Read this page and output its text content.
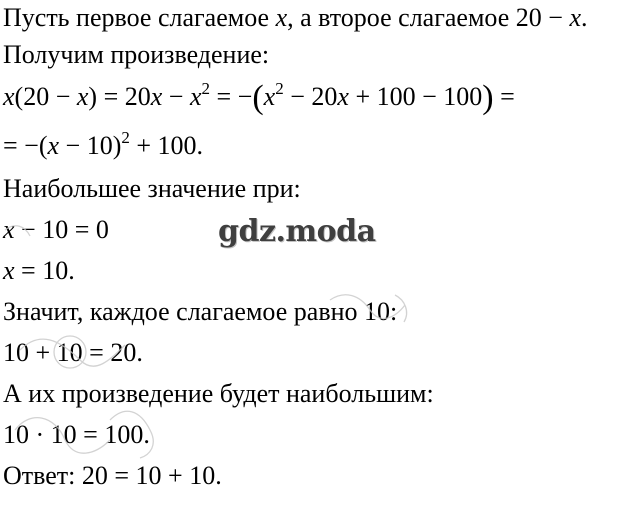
Пусть первое слагаемое x, а второе слагаемое 20 − x.
Получим произведение:
$x(20 - x) = 20x - x^2 = -(x^2 - 20x + 100 - 100)$ =
= $-(x - 10)^2 + 100$.
Наибольшее значение при:
x − 10 = 0
x = 10.
Значит, каждое слагаемое равно 10:
10 + 10 = 20.
А их произведение будет наибольшим:
10 · 10 = 100.
Ответ: 20 = 10 + 10.
gdz.moda
